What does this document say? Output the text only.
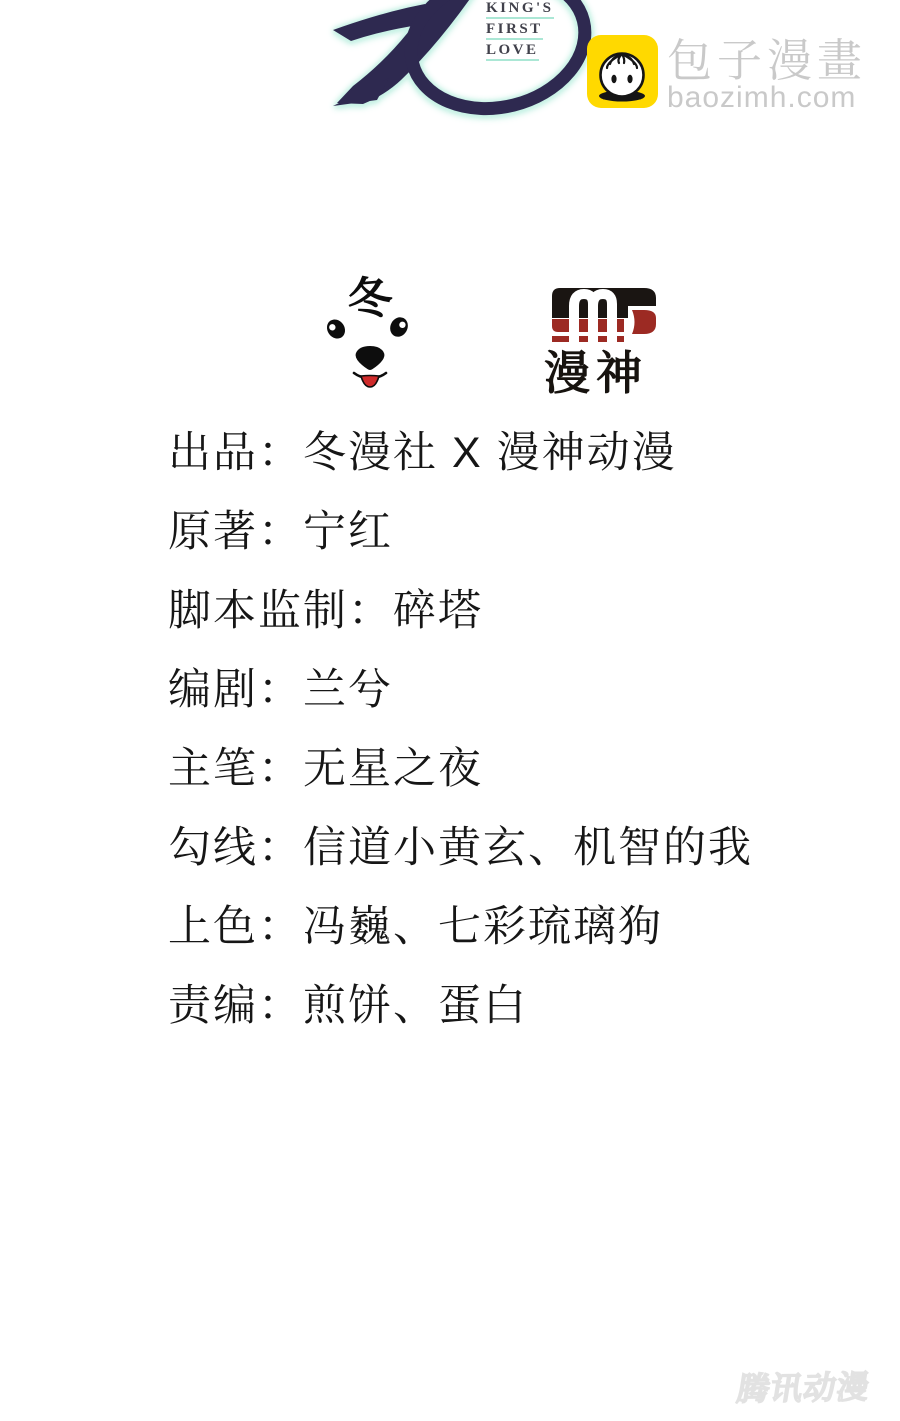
KING'S
FIRST
LOVE	包子漫畫
baozimh.com
冬
漫神
出品： 冬漫社 X 漫神动漫
原著： 宁红
脚本监制： 碎塔
编剧： 兰兮
主笔： 无星之夜
勾线： 信道小黄玄、机智的我
上色： 冯巍、七彩琉璃狗
责编： 煎饼、蛋白
腾讯动漫
